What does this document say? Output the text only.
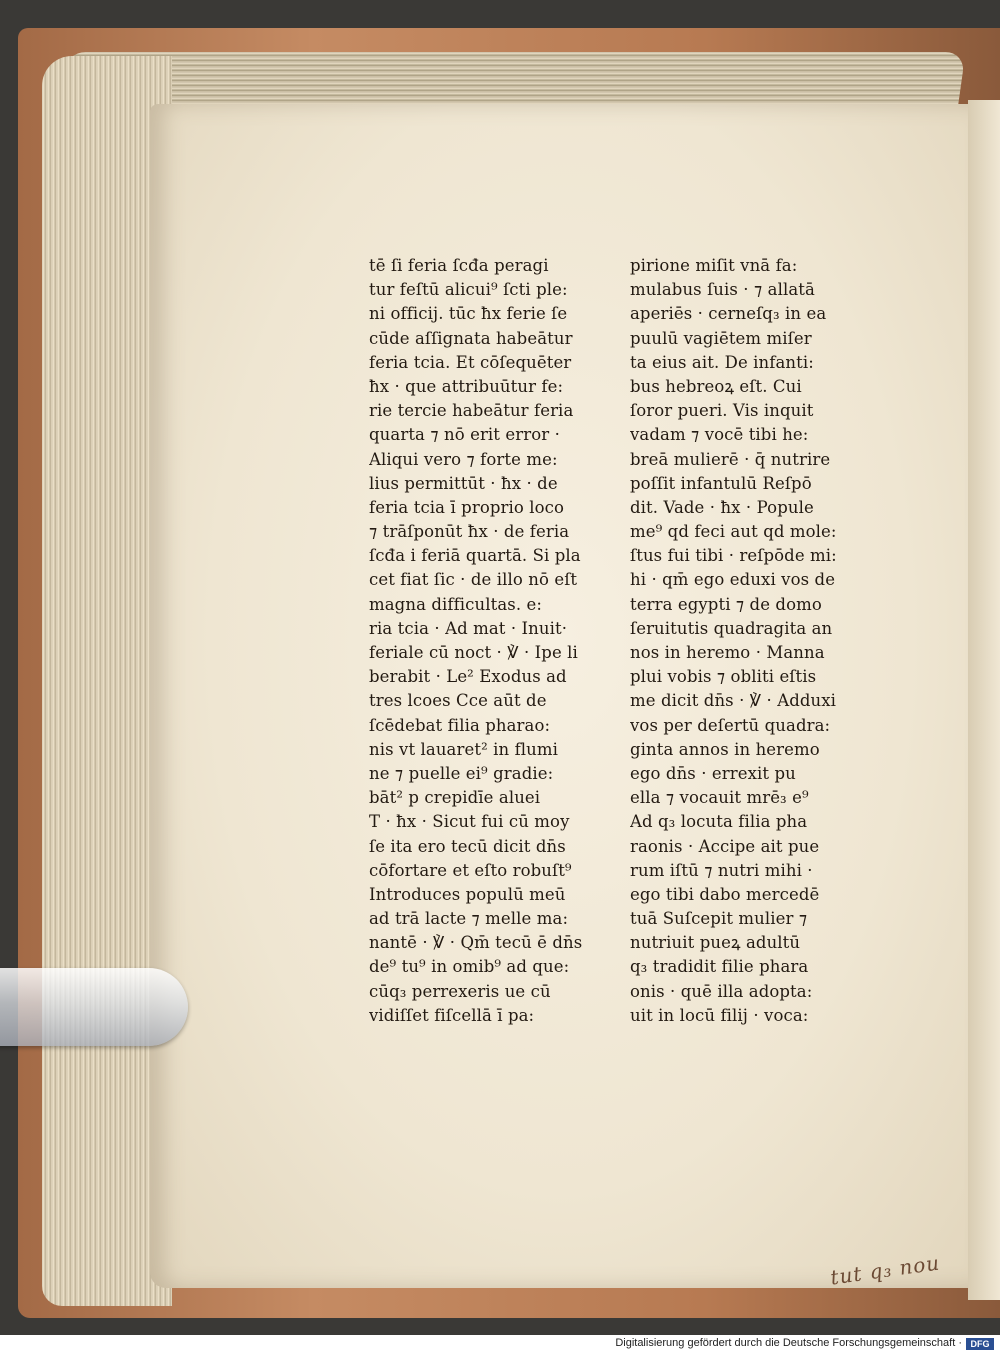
tē ſi feria ſcđa peragi
tur feſtū alicui⁹ ſcti ple:
ni officij. tūc ħx ferie ſe
cūde aſſignata habeātur
feria tcia. Et cōſequēter
ħx · que attribuūtur fe:
rie tercie habeātur feria
quarta ⁊ nō erit error ·
Aliqui vero ⁊ forte me:
lius permittūt · ħx · de
feria tcia ī proprio loco
⁊ trāſponūt ħx · de feria
ſcđa i feriā quartā. Si pla
cet fiat ſic · de illo nō eſt
magna difficultas. e:
ria tcia · Ad mat · Inuit·
feriale cū noct · ℣ · Ipe li
berabit · Le² Exodus ad
tres lcoes Cce aūt de
ſcēdebat filia pharao:
nis vt lauaret² in flumi
ne ⁊ puelle ei⁹ gradie:
bāt² p crepidīe aluei
T · ħx · Sicut fui cū moy
ſe ita ero tecū dicit dn̄s
cōfortare et eſto robuſt⁹
Introduces populū meū
ad trā lacte ⁊ melle ma:
nantē · ℣ · Qm̄ tecū ē dn̄s
de⁹ tu⁹ in omib⁹ ad que:
cūq₃ perrexeris ue cū
vidiſſet fiſcellā ī pa:
pirione miſit vnā fa:
mulabus ſuis · ⁊ allatā
aperiēs · cerneſq₃ in ea
puulū vagiētem miſer
ta eius ait. De infanti:
bus hebreoꝝ eſt. Cui
ſoror pueri. Vis inquit
vadam ⁊ vocē tibi he:
breā mulierē · q̄ nutrire
poſſit infantulū Reſpō
dit. Vade · ħx · Popule
me⁹ qd feci aut qd mole:
ſtus fui tibi · reſpōde mi:
hi · qm̄ ego eduxi vos de
terra egypti ⁊ de domo
ſeruitutis quadragita an
nos in heremo · Manna
plui vobis ⁊ obliti eſtis
me dicit dn̄s · ℣ · Adduxi
vos per deſertū quadra:
ginta annos in heremo
ego dn̄s · errexit pu
ella ⁊ vocauit mrē₃ e⁹
Ad q₃ locuta filia pha
raonis · Accipe ait pue
rum iſtū ⁊ nutri mihi ·
ego tibi dabo mercedē
tuā Suſcepit mulier ⁊
nutriuit pueꝝ adultū
q₃ tradidit filie phara
onis · quē illa adopta:
uit in locū filij · voca:
tut q₃ nou
Digitalisierung gefördert durch die Deutsche Forschungsgemeinschaft · DFG
